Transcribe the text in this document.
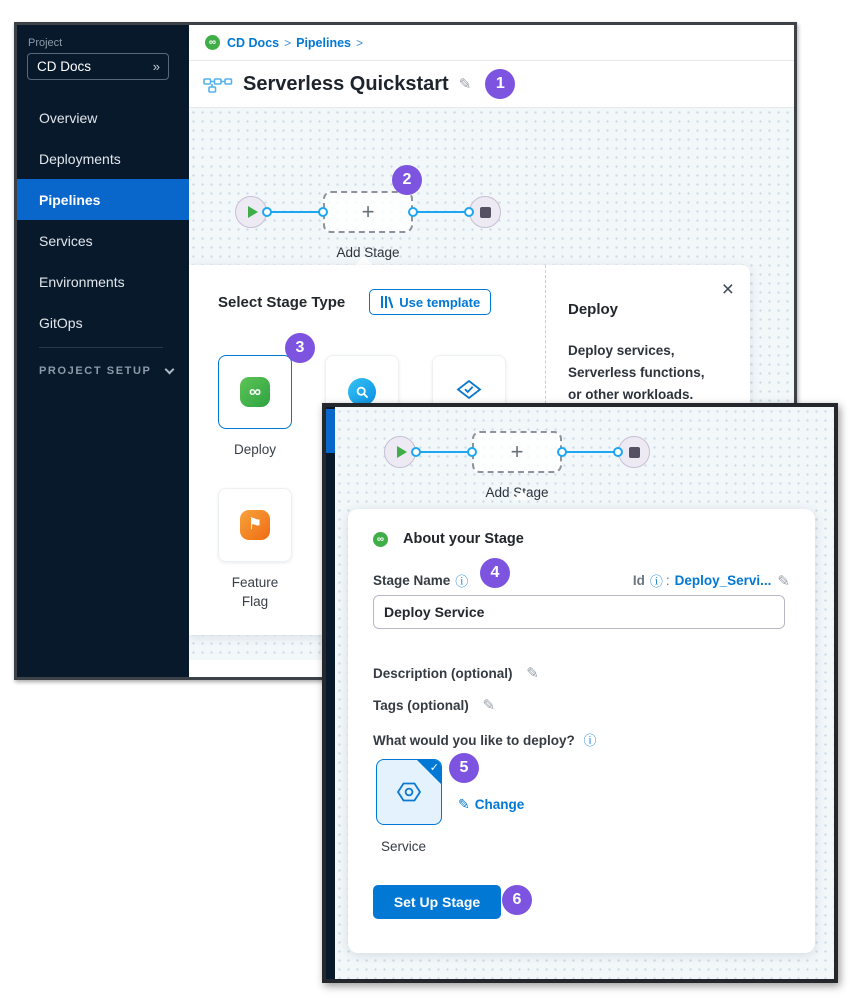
Project
CD Docs	»
Overview
Deployments
Pipelines
Services
Environments
GitOps
PROJECT SETUP
∞ CD Docs > Pipelines >
Serverless Quickstart ✎	1
+
Add Stage
2
Select Stage Type	Use template
∞
Deploy
⚑
Feature Flag
3
×
Deploy
Deploy services,
Serverless functions,
or other workloads.
+
Add Stage
∞ About your Stage
Stage Name ⓘ	Id ⓘ : Deploy_Servi... ✎
4
Deploy Service
Description (optional) ✎
Tags (optional) ✎
What would you like to deploy? ⓘ
✓	5
✎ Change
Service
Set Up Stage	6
